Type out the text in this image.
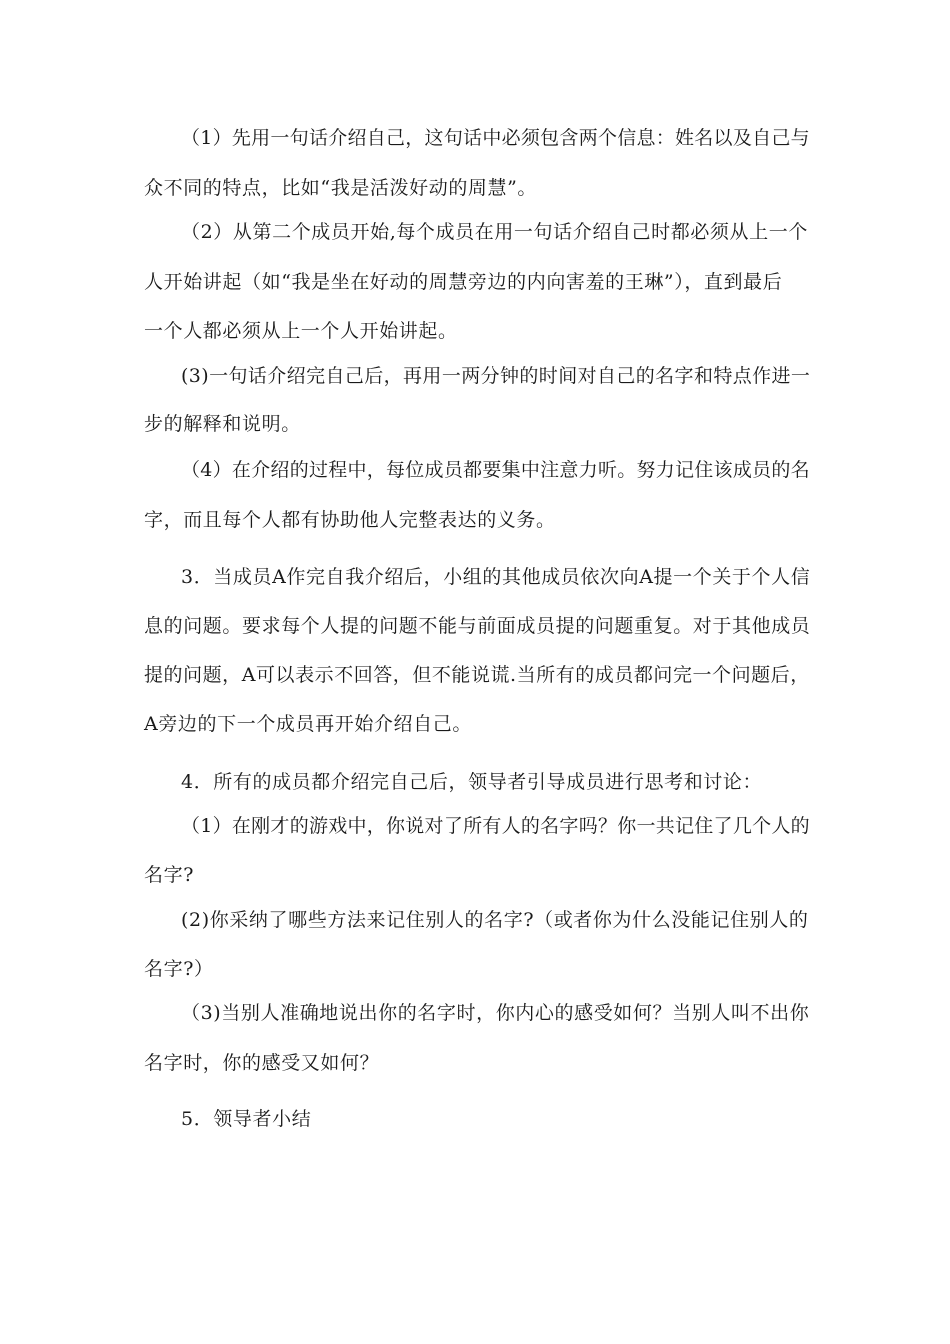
（1）先用一句话介绍自己，这句话中必须包含两个信息：姓名以及自己与
众不同的特点，比如“我是活泼好动的周慧”。
（2）从第二个成员开始,每个成员在用一句话介绍自己时都必须从上一个
人开始讲起（如“我是坐在好动的周慧旁边的内向害羞的王琳”），直到最后
一个人都必须从上一个人开始讲起。
(3)一句话介绍完自己后，再用一两分钟的时间对自己的名字和特点作进一
步的解释和说明。
（4）在介绍的过程中，每位成员都要集中注意力听。努力记住该成员的名
字，而且每个人都有协助他人完整表达的义务。
3．当成员A作完自我介绍后，小组的其他成员依次向A提一个关于个人信
息的问题。要求每个人提的问题不能与前面成员提的问题重复。对于其他成员
提的问题，A可以表示不回答，但不能说谎.当所有的成员都问完一个问题后，
A旁边的下一个成员再开始介绍自己。
4．所有的成员都介绍完自己后，领导者引导成员进行思考和讨论：
（1）在刚才的游戏中，你说对了所有人的名字吗？你一共记住了几个人的
名字?
(2)你采纳了哪些方法来记住别人的名字?（或者你为什么没能记住别人的
名字?）
（3)当别人准确地说出你的名字时，你内心的感受如何？当别人叫不出你
名字时，你的感受又如何？
5．领导者小结
